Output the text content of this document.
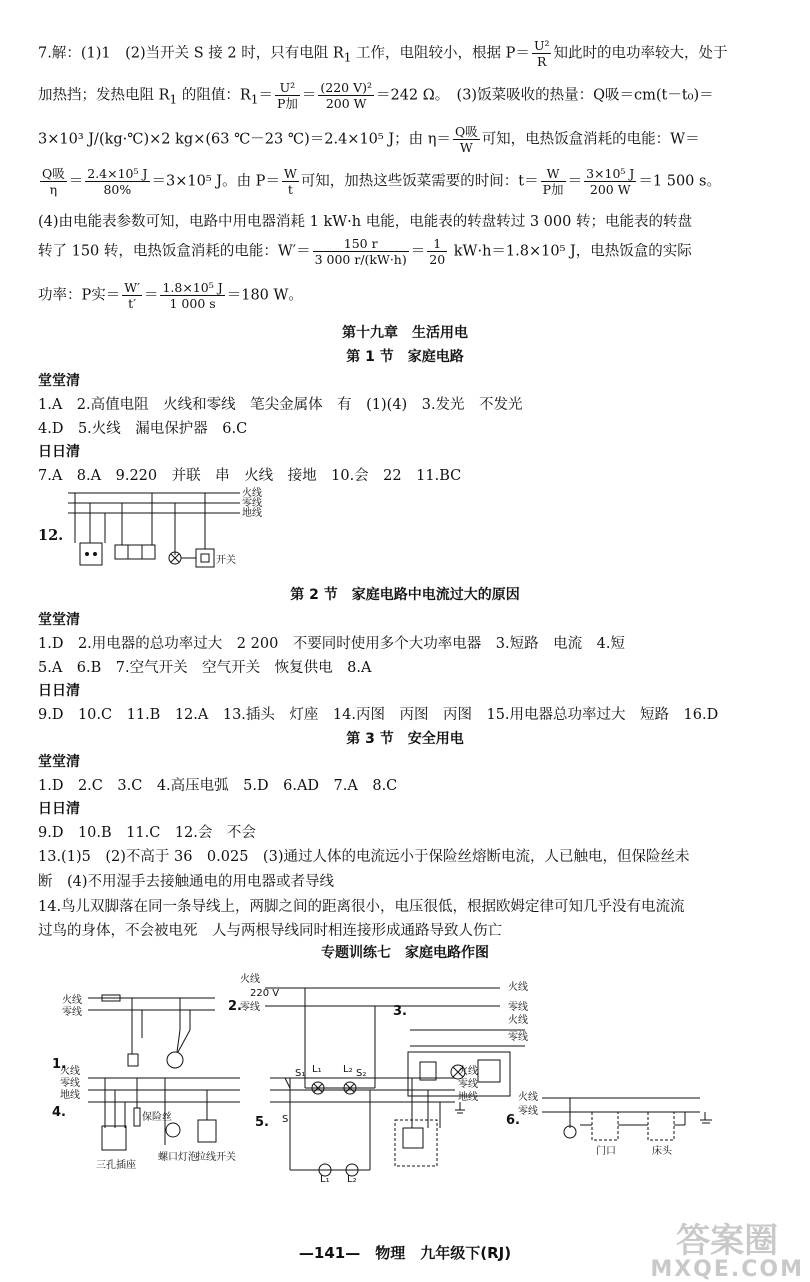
7.解：(1)1　(2)当开关 S 接 2 时，只有电阻 $R_1$ 工作，电阻较小，根据 $P= \frac{\text{U²}}{R}$ 知此时的电功率较大，处于
加热挡；发热电阻 $R_1$ 的阻值：$R_1= \frac{\text{U²}}{\text{P加}} = \frac{\text{(220 V)²}}{200 W} =242$ Ω。　(3)饭菜吸收的热量：Q吸＝cm(t－t₀)＝
3×10³ J/(kg·℃)×2 kg×(63 ℃－23 ℃)＝2.4×10⁵ J；由 $\eta= \frac{\text{Q吸}}{W}$ 可知，电热饭盒消耗的电能：W＝
$\frac{\text{Q吸}}{\eta} = \frac{\text{2.4×10⁵ J}}{80\%} =3\times 10^5$ J。由 $P= \frac{W}{t}$ 可知，加热这些饭菜需要的时间：$t= \frac{W}{\text{P加}} = \frac{\text{3×10⁵ J}}{200 W} =1$ 500 s。
(4)由电能表参数可知，电路中用电器消耗 1 kW·h 电能，电能表的转盘转过 3 000 转；电能表的转盘
转了 150 转，电热饭盒消耗的电能：$W'= \frac{150 r}{3 000 r/(kW\cdot h)} = \frac{1}{20} kW\cdot h=1.8\times 10^5$ J，电热饭盒的实际
功率：P实＝ $\frac{W'}{t'} = \frac{\text{1.8×10⁵ J}}{1 000 s} =180$ W。
第十九章　生活用电
第 1 节　家庭电路
堂堂清
1.A　2.高值电阻　火线和零线　笔尖金属体　有　(1)(4)　3.发光　不发光
4.D　5.火线　漏电保护器　6.C
日日清
7.A　8.A　9.220　并联　串　火线　接地　10.会　22　11.BC
12.
火线
零线
地线
开关
第 2 节　家庭电路中电流过大的原因
堂堂清
1.D　2.用电器的总功率过大　2 200　不要同时使用多个大功率电器　3.短路　电流　4.短
5.A　6.B　7.空气开关　空气开关　恢复供电　8.A
日日清
9.D　10.C　11.B　12.A　13.插头　灯座　14.丙图　丙图　丙图　15.用电器总功率过大　短路　16.D
第 3 节　安全用电
堂堂清
1.D　2.C　3.C　4.高压电弧　5.D　6.AD　7.A　8.C
日日清
9.D　10.B　11.C　12.会　不会
13.(1)5　(2)不高于 36　0.025　(3)通过人体的电流远小于保险丝熔断电流，人已触电，但保险丝未
断　(4)不用湿手去接触通电的用电器或者导线
14.鸟儿双脚落在同一条导线上，两脚之间的距离很小，电压很低，根据欧姆定律可知几乎没有电流流
过鸟的身体，不会被电死　人与两根导线同时相连接形成通路导致人伤亡
专题训练七　家庭电路作图
1.
火线
零线	2.
火线
220 V
零线
火线
零线
S₁	S₂
L₁ L₂
3.
火线
零线
4.
火线
零线
地线
三孔插座
保险丝
螺口灯泡
拉线开关
5.
火线
零线
地线
S
L₁ L₂
6.
火线
零线
门口	床头
—141—　物理　九年级下(RJ)	答案圈
MXQE.COM
